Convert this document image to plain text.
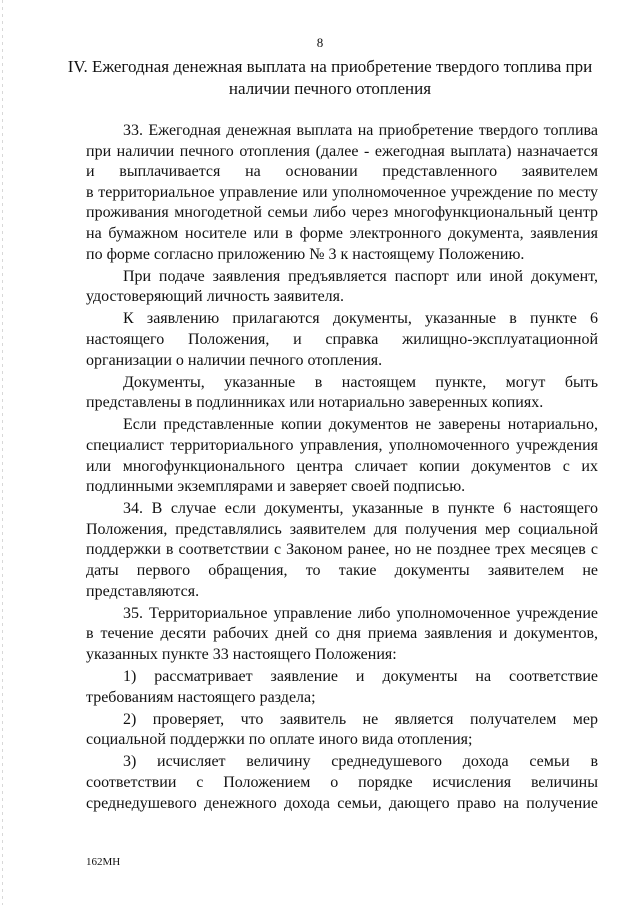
8
IV. Ежегодная денежная выплата на приобретение твердого топлива при
наличии печного отопления
33. Ежегодная денежная выплата на приобретение твердого топлива
при наличии печного отопления (далее - ежегодная выплата) назначается
и выплачивается на основании представленного заявителем
в территориальное управление или уполномоченное учреждение по месту
проживания многодетной семьи либо через многофункциональный центр
на бумажном носителе или в форме электронного документа, заявления
по форме согласно приложению № 3 к настоящему Положению.
При подаче заявления предъявляется паспорт или иной документ,
удостоверяющий личность заявителя.
К заявлению прилагаются документы, указанные в пункте 6
настоящего Положения, и справка жилищно-эксплуатационной
организации о наличии печного отопления.
Документы, указанные в настоящем пункте, могут быть
представлены в подлинниках или нотариально заверенных копиях.
Если представленные копии документов не заверены нотариально,
специалист территориального управления, уполномоченного учреждения
или многофункционального центра сличает копии документов с их
подлинными экземплярами и заверяет своей подписью.
34. В случае если документы, указанные в пункте 6 настоящего
Положения, представлялись заявителем для получения мер социальной
поддержки в соответствии с Законом ранее, но не позднее трех месяцев с
даты первого обращения, то такие документы заявителем не
представляются.
35. Территориальное управление либо уполномоченное учреждение
в течение десяти рабочих дней со дня приема заявления и документов,
указанных пункте 33 настоящего Положения:
1) рассматривает заявление и документы на соответствие
требованиям настоящего раздела;
2) проверяет, что заявитель не является получателем мер
социальной поддержки по оплате иного вида отопления;
3) исчисляет величину среднедушевого дохода семьи в
соответствии с Положением о порядке исчисления величины
среднедушевого денежного дохода семьи, дающего право на получение
162МН
